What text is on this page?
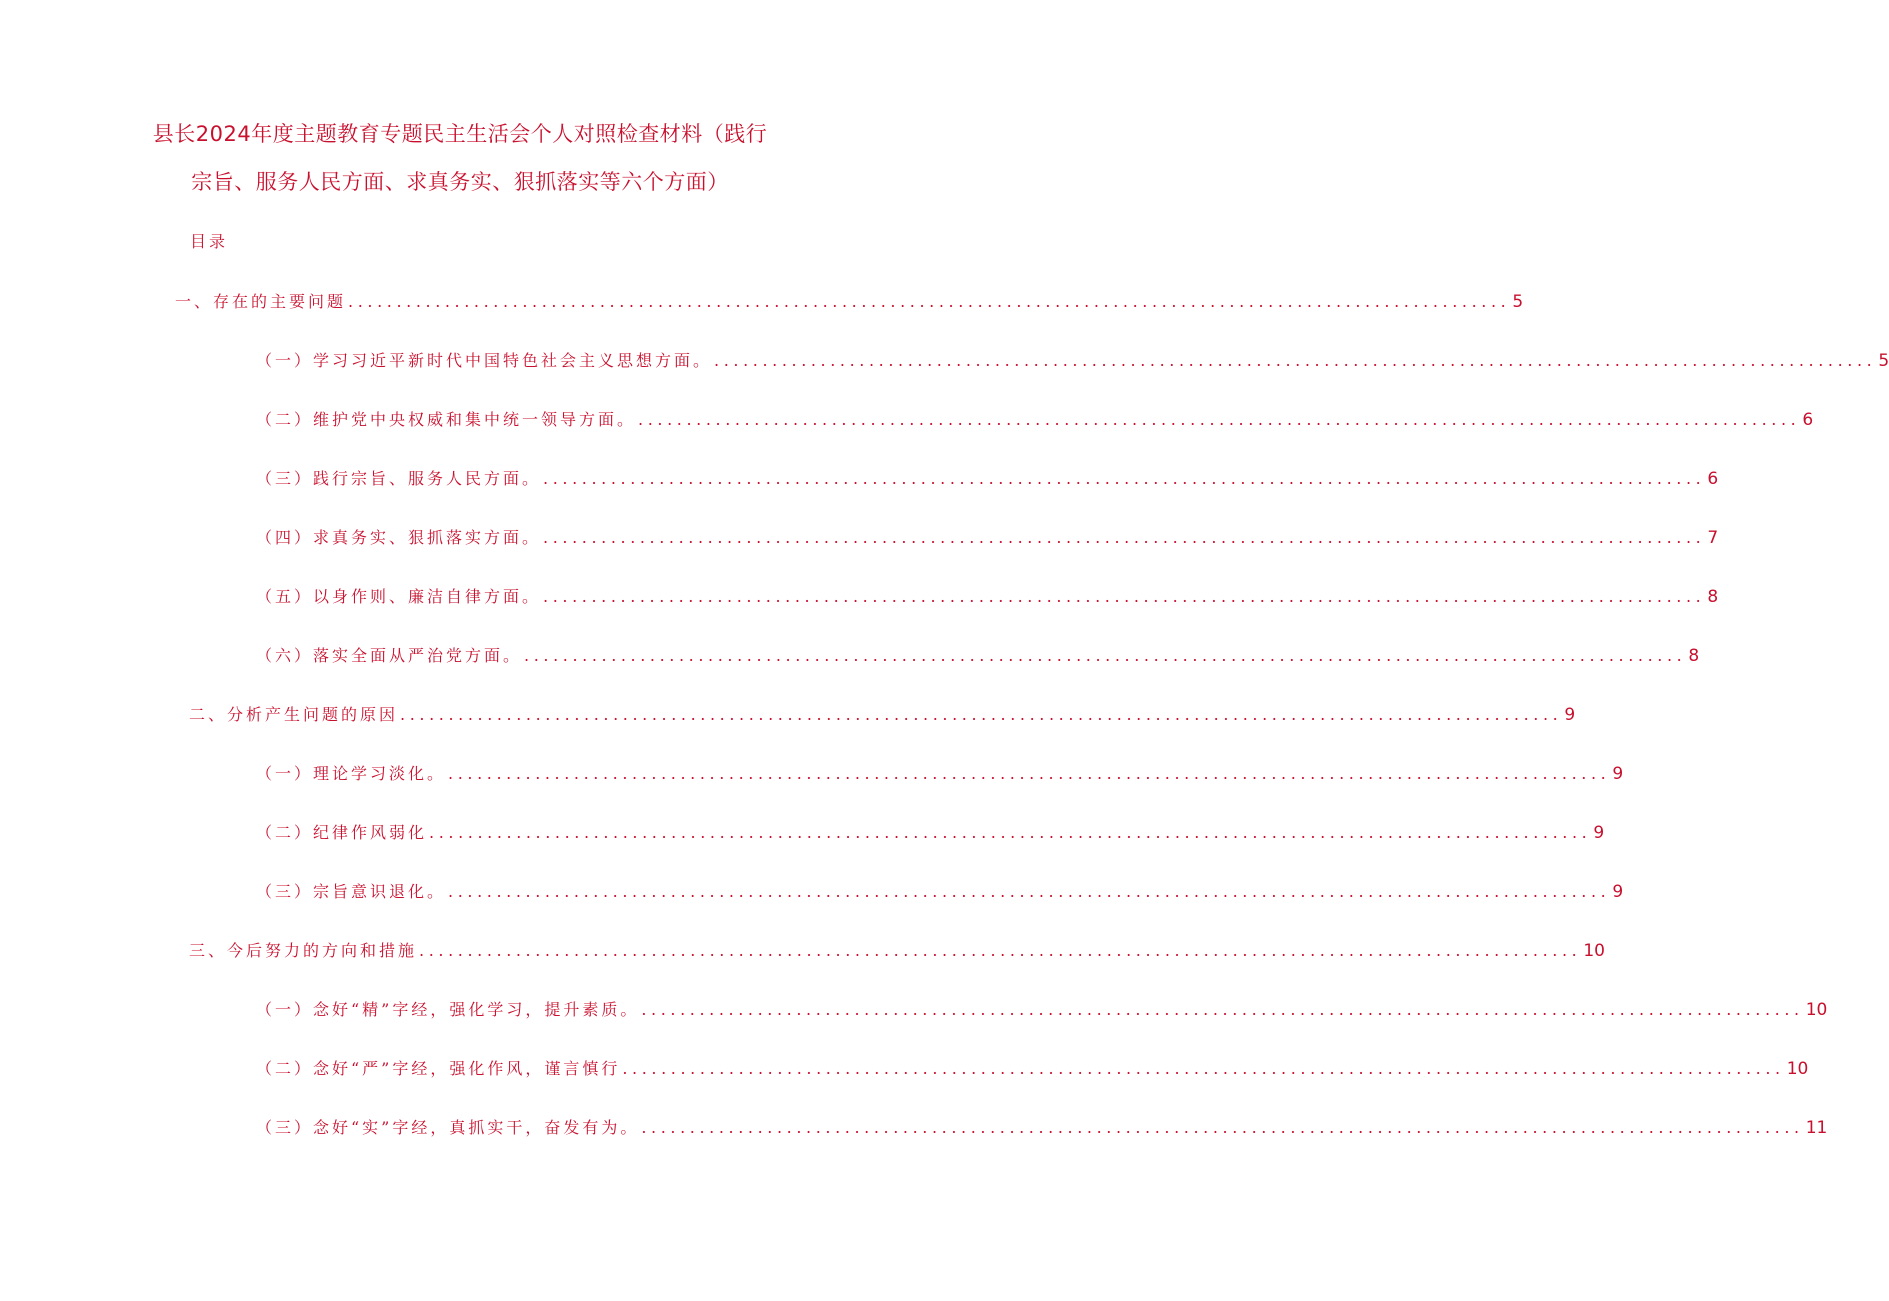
县长2024年度主题教育专题民主生活会个人对照检查材料（践行宗旨、服务人民方面、求真务实、狠抓落实等六个方面）
目录
一、存在的主要问题 ........................................................................................................................ 5
（一）学习习近平新时代中国特色社会主义思想方面。 ........................................................................................................................ 5
（二）维护党中央权威和集中统一领导方面。 ........................................................................................................................ 6
（三）践行宗旨、服务人民方面。 ........................................................................................................................ 6
（四）求真务实、狠抓落实方面。 ........................................................................................................................ 7
（五）以身作则、廉洁自律方面。 ........................................................................................................................ 8
（六）落实全面从严治党方面。 ........................................................................................................................ 8
二、分析产生问题的原因 ........................................................................................................................ 9
（一）理论学习淡化。 ........................................................................................................................ 9
（二）纪律作风弱化 ........................................................................................................................ 9
（三）宗旨意识退化。 ........................................................................................................................ 9
三、今后努力的方向和措施 ........................................................................................................................ 10
（一）念好“精”字经，强化学习，提升素质。 ........................................................................................................................ 10
（二）念好“严”字经，强化作风，谨言慎行 ........................................................................................................................ 10
（三）念好“实”字经，真抓实干，奋发有为。 ........................................................................................................................ 11
